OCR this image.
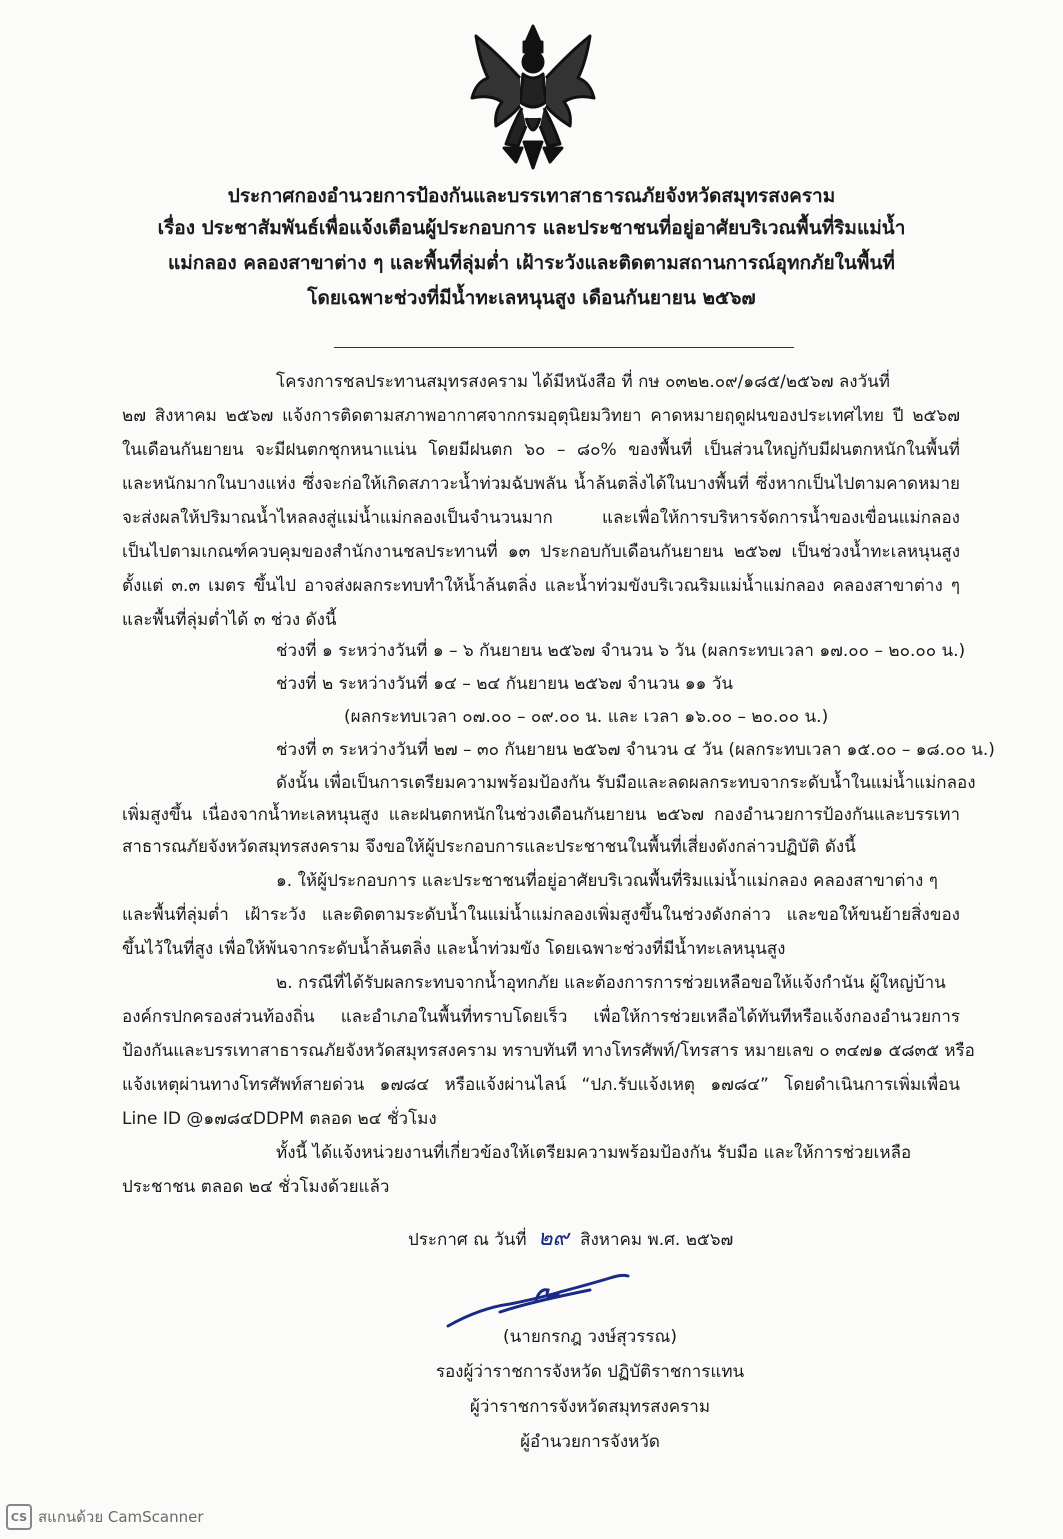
ประกาศกองอำนวยการป้องกันและบรรเทาสาธารณภัยจังหวัดสมุทรสงคราม
เรื่อง ประชาสัมพันธ์เพื่อแจ้งเตือนผู้ประกอบการ และประชาชนที่อยู่อาศัยบริเวณพื้นที่ริมแม่น้ำ
แม่กลอง คลองสาขาต่าง ๆ และพื้นที่ลุ่มต่ำ เฝ้าระวังและติดตามสถานการณ์อุทกภัยในพื้นที่
โดยเฉพาะช่วงที่มีน้ำทะเลหนุนสูง เดือนกันยายน ๒๕๖๗
โครงการชลประทานสมุทรสงคราม ได้มีหนังสือ ที่ กษ ๐๓๒๒.๐๙/๑๘๕/๒๕๖๗ ลงวันที่
๒๗ สิงหาคม ๒๕๖๗ แจ้งการติดตามสภาพอากาศจากกรมอุตุนิยมวิทยา คาดหมายฤดูฝนของประเทศไทย ปี ๒๕๖๗
ในเดือนกันยายน จะมีฝนตกชุกหนาแน่น โดยมีฝนตก ๖๐ – ๘๐% ของพื้นที่ เป็นส่วนใหญ่กับมีฝนตกหนักในพื้นที่
และหนักมากในบางแห่ง ซึ่งจะก่อให้เกิดสภาวะน้ำท่วมฉับพลัน น้ำล้นตลิ่งได้ในบางพื้นที่ ซึ่งหากเป็นไปตามคาดหมาย
จะส่งผลให้ปริมาณน้ำไหลลงสู่แม่น้ำแม่กลองเป็นจำนวนมาก และเพื่อให้การบริหารจัดการน้ำของเขื่อนแม่กลอง
เป็นไปตามเกณฑ์ควบคุมของสำนักงานชลประทานที่ ๑๓ ประกอบกับเดือนกันยายน ๒๕๖๗ เป็นช่วงน้ำทะเลหนุนสูง
ตั้งแต่ ๓.๓ เมตร ขึ้นไป อาจส่งผลกระทบทำให้น้ำล้นตลิ่ง และน้ำท่วมขังบริเวณริมแม่น้ำแม่กลอง คลองสาขาต่าง ๆ
และพื้นที่ลุ่มต่ำได้ ๓ ช่วง ดังนี้
ช่วงที่ ๑ ระหว่างวันที่ ๑ – ๖ กันยายน ๒๕๖๗ จำนวน ๖ วัน (ผลกระทบเวลา ๑๗.๐๐ – ๒๐.๐๐ น.)
ช่วงที่ ๒ ระหว่างวันที่ ๑๔ – ๒๔ กันยายน ๒๕๖๗ จำนวน ๑๑ วัน
(ผลกระทบเวลา ๐๗.๐๐ – ๐๙.๐๐ น. และ เวลา ๑๖.๐๐ – ๒๐.๐๐ น.)
ช่วงที่ ๓ ระหว่างวันที่ ๒๗ – ๓๐ กันยายน ๒๕๖๗ จำนวน ๔ วัน (ผลกระทบเวลา ๑๕.๐๐ – ๑๘.๐๐ น.)
ดังนั้น เพื่อเป็นการเตรียมความพร้อมป้องกัน รับมือและลดผลกระทบจากระดับน้ำในแม่น้ำแม่กลอง
เพิ่มสูงขึ้น เนื่องจากน้ำทะเลหนุนสูง และฝนตกหนักในช่วงเดือนกันยายน ๒๕๖๗ กองอำนวยการป้องกันและบรรเทา
สาธารณภัยจังหวัดสมุทรสงคราม จึงขอให้ผู้ประกอบการและประชาชนในพื้นที่เสี่ยงดังกล่าวปฏิบัติ ดังนี้
๑. ให้ผู้ประกอบการ และประชาชนที่อยู่อาศัยบริเวณพื้นที่ริมแม่น้ำแม่กลอง คลองสาขาต่าง ๆ
และพื้นที่ลุ่มต่ำ เฝ้าระวัง และติดตามระดับน้ำในแม่น้ำแม่กลองเพิ่มสูงขึ้นในช่วงดังกล่าว และขอให้ขนย้ายสิ่งของ
ขึ้นไว้ในที่สูง เพื่อให้พ้นจากระดับน้ำล้นตลิ่ง และน้ำท่วมขัง โดยเฉพาะช่วงที่มีน้ำทะเลหนุนสูง
๒. กรณีที่ได้รับผลกระทบจากน้ำอุทกภัย และต้องการการช่วยเหลือขอให้แจ้งกำนัน ผู้ใหญ่บ้าน
องค์กรปกครองส่วนท้องถิ่น และอำเภอในพื้นที่ทราบโดยเร็ว เพื่อให้การช่วยเหลือได้ทันทีหรือแจ้งกองอำนวยการ
ป้องกันและบรรเทาสาธารณภัยจังหวัดสมุทรสงคราม ทราบทันที ทางโทรศัพท์/โทรสาร หมายเลข ๐ ๓๔๗๑ ๕๘๓๕ หรือ
แจ้งเหตุผ่านทางโทรศัพท์สายด่วน ๑๗๘๔ หรือแจ้งผ่านไลน์ “ปภ.รับแจ้งเหตุ ๑๗๘๔” โดยดำเนินการเพิ่มเพื่อน
Line ID @๑๗๘๔DDPM ตลอด ๒๔ ชั่วโมง
ทั้งนี้ ได้แจ้งหน่วยงานที่เกี่ยวข้องให้เตรียมความพร้อมป้องกัน รับมือ และให้การช่วยเหลือ
ประชาชน ตลอด ๒๔ ชั่วโมงด้วยแล้ว
ประกาศ ณ วันที่ ๒๙ สิงหาคม พ.ศ. ๒๕๖๗
(นายกรกฎ วงษ์สุวรรณ)
รองผู้ว่าราชการจังหวัด ปฏิบัติราชการแทน
ผู้ว่าราชการจังหวัดสมุทรสงคราม
ผู้อำนวยการจังหวัด
CS สแกนด้วย CamScanner
